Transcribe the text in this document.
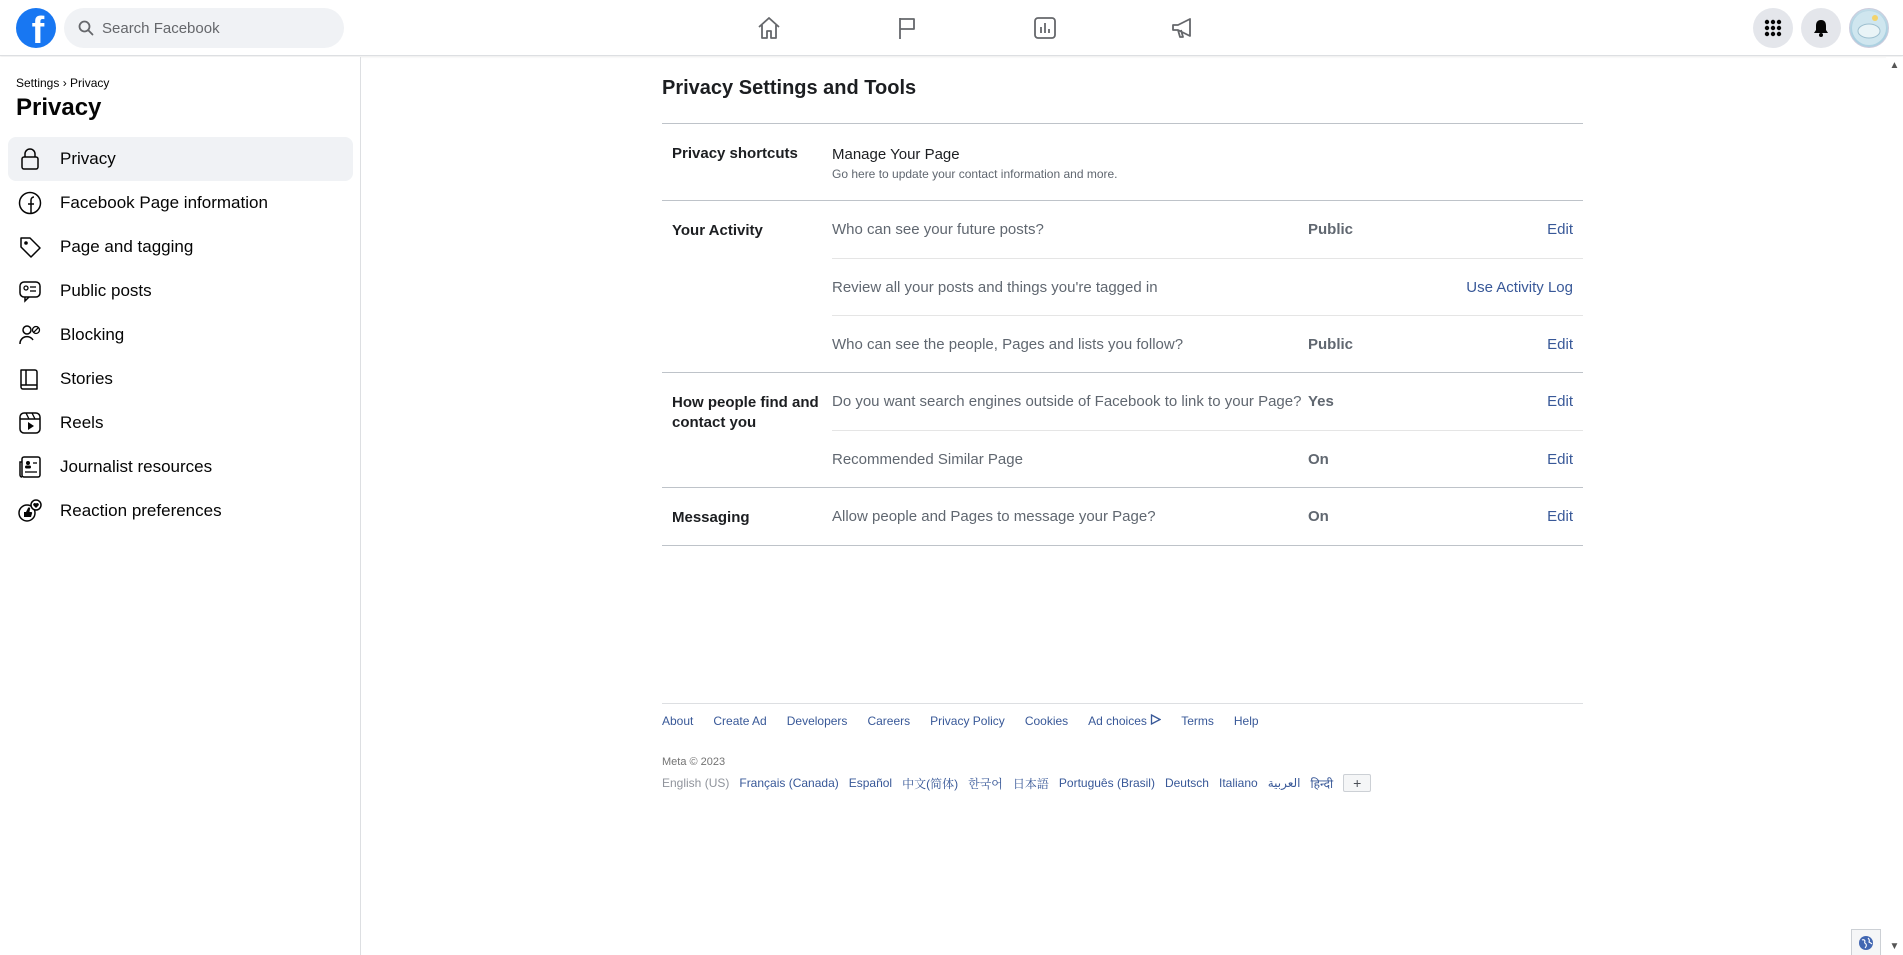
f
Search Facebook
Settings › Privacy
Privacy
Privacy
Facebook Page information
Page and tagging
Public posts
Blocking
Stories
Reels
Journalist resources
Reaction preferences
Privacy Settings and Tools
Privacy shortcuts	Manage Your Page
Go here to update your contact information and more.
Your Activity	Who can see your future posts?	Public	Edit
Review all your posts and things you're tagged in	Use Activity Log
Who can see the people, Pages and lists you follow?	Public	Edit
How people find and contact you
Do you want search engines outside of Facebook to link to your Page? Yes	Edit
Recommended Similar Page	On	Edit
Messaging	Allow people and Pages to message your Page?	On	Edit
About Create Ad Developers Careers Privacy Policy Cookies Ad choices	Terms Help
Meta © 2023
English (US) Français (Canada) Español 中文(简体) 한국어 日本語 Português (Brasil) Deutsch Italiano العربية हिन्दी	+
▲
▼
